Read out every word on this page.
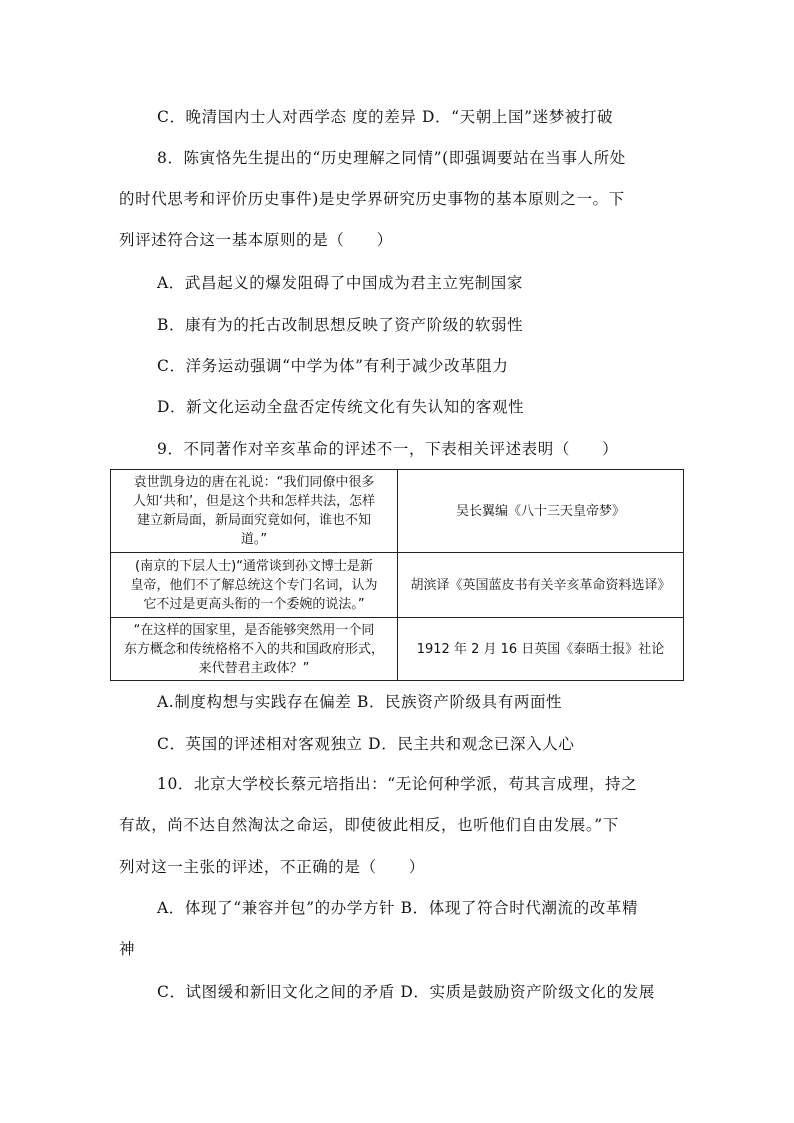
C．晚清国内士人对西学态 度的差异 D．“天朝上国”迷梦被打破
8．陈寅恪先生提出的“历史理解之同情”(即强调要站在当事人所处
的时代思考和评价历史事件)是史学界研究历史事物的基本原则之一。下
列评述符合这一基本原则的是（　　）
A．武昌起义的爆发阻碍了中国成为君主立宪制国家
B．康有为的托古改制思想反映了资产阶级的软弱性
C．洋务运动强调“中学为体”有利于减少改革阻力
D．新文化运动全盘否定传统文化有失认知的客观性
9．不同著作对辛亥革命的评述不一，下表相关评述表明（　　）
袁世凯身边的唐在礼说：“我们同僚中很多
人知‘共和’，但是这个共和怎样共法，怎样
建立新局面，新局面究竟如何，谁也不知
道。”	吴长翼编《八十三天皇帝梦》

(南京的下层人士)“通常谈到孙文博士是新
皇帝，他们不了解总统这个专门名词，认为
它不过是更高头衔的一个委婉的说法。”	胡滨译《英国蓝皮书有关辛亥革命资料选译》

“在这样的国家里，是否能够突然用一个同
东方概念和传统格格不入的共和国政府形式，
来代替君主政体？”	1912 年 2 月 16 日英国《泰晤士报》社论
A.制度构想与实践存在偏差 B．民族资产阶级具有两面性
C．英国的评述相对客观独立 D．民主共和观念已深入人心
10．北京大学校长蔡元培指出：“无论何种学派，苟其言成理，持之
有故，尚不达自然淘汰之命运，即使彼此相反，也听他们自由发展。”下
列对这一主张的评述，不正确的是（　　）
A．体现了“兼容并包”的办学方针 B．体现了符合时代潮流的改革精
神
C．试图缓和新旧文化之间的矛盾 D．实质是鼓励资产阶级文化的发展
